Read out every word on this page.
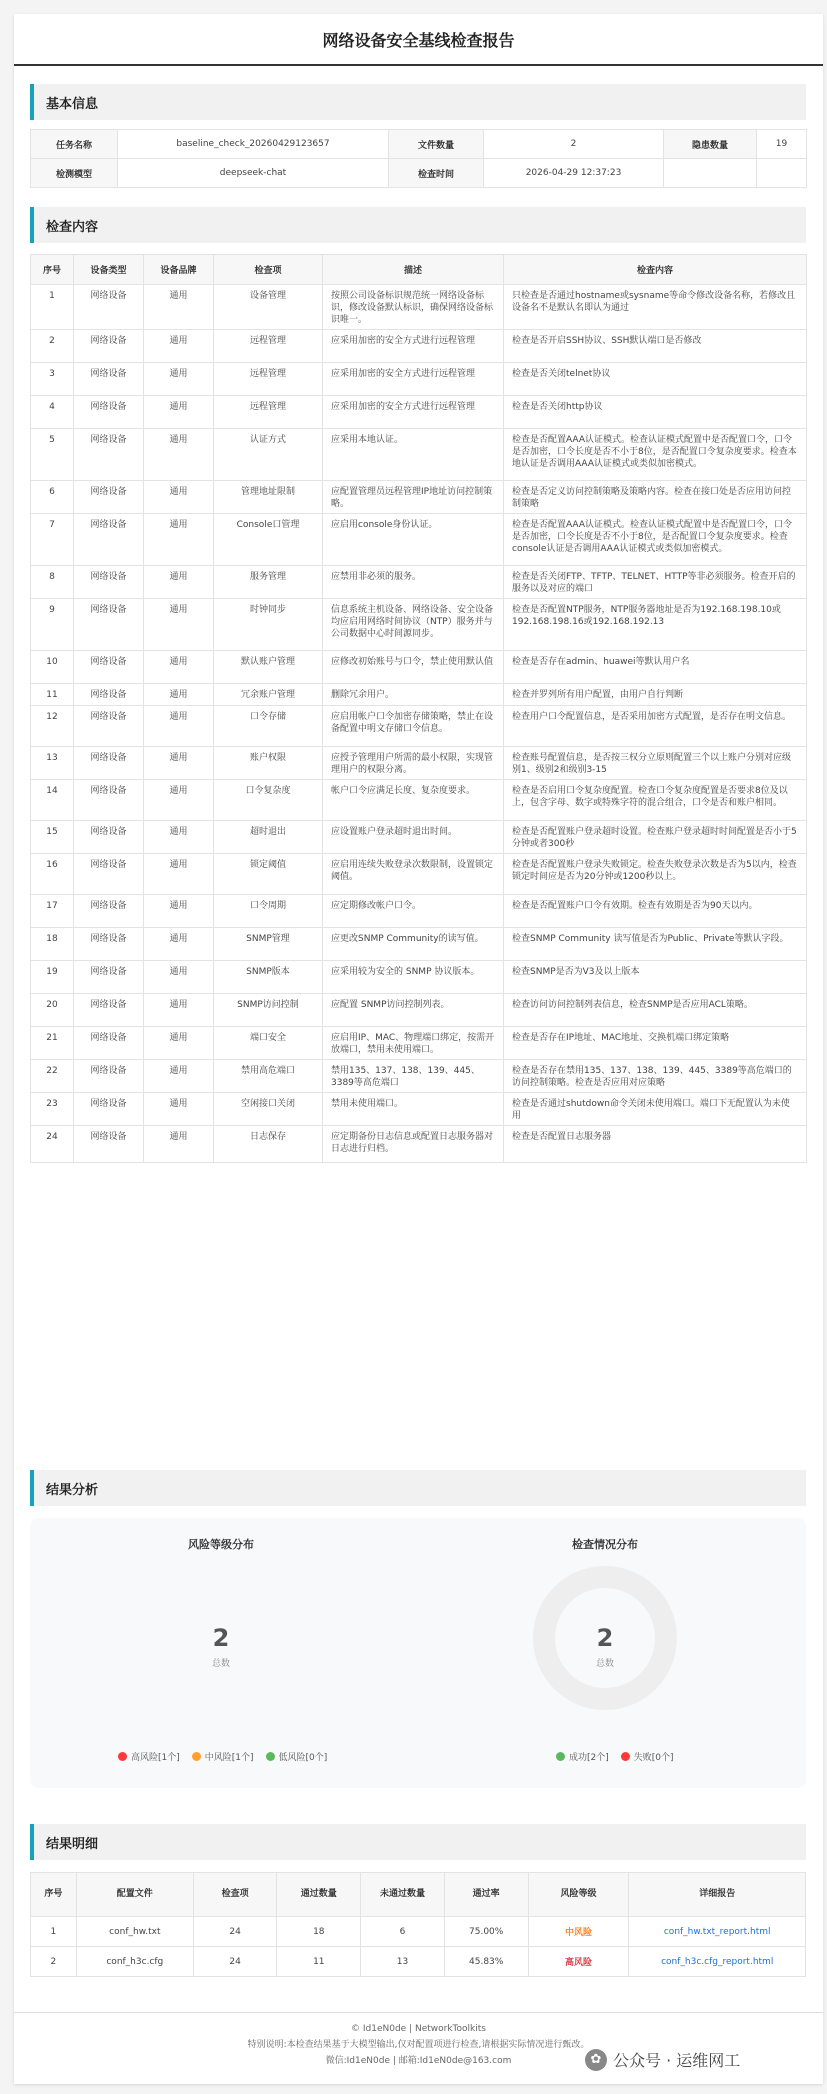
网络设备安全基线检查报告
基本信息
任务名称	baseline_check_20260429123657	文件数量	2	隐患数量	19
检测模型	deepseek-chat	检查时间	2026-04-29 12:37:23		
检查内容
序号	设备类型	设备品牌	检查项	描述	检查内容
1	网络设备	通用	设备管理	按照公司设备标识规范统一网络设备标识，修改设备默认标识，确保网络设备标识唯一。	只检查是否通过hostname或sysname等命令修改设备名称，若修改且设备名不是默认名即认为通过
2	网络设备	通用	远程管理	应采用加密的安全方式进行远程管理	检查是否开启SSH协议、SSH默认端口是否修改
3	网络设备	通用	远程管理	应采用加密的安全方式进行远程管理	检查是否关闭telnet协议
4	网络设备	通用	远程管理	应采用加密的安全方式进行远程管理	检查是否关闭http协议
5	网络设备	通用	认证方式	应采用本地认证。	检查是否配置AAA认证模式。检查认证模式配置中是否配置口令，口令是否加密，口令长度是否不小于8位，是否配置口令复杂度要求。检查本地认证是否调用AAA认证模式或类似加密模式。
6	网络设备	通用	管理地址限制	应配置管理员远程管理IP地址访问控制策略。	检查是否定义访问控制策略及策略内容。检查在接口处是否应用访问控制策略
7	网络设备	通用	Console口管理	应启用console身份认证。	检查是否配置AAA认证模式。检查认证模式配置中是否配置口令，口令是否加密，口令长度是否不小于8位，是否配置口令复杂度要求。检查console认证是否调用AAA认证模式或类似加密模式。
8	网络设备	通用	服务管理	应禁用非必须的服务。	检查是否关闭FTP、TFTP、TELNET、HTTP等非必须服务。检查开启的服务以及对应的端口
9	网络设备	通用	时钟同步	信息系统主机设备、网络设备、安全设备均应启用网络时间协议（NTP）服务并与公司数据中心时间源同步。	检查是否配置NTP服务，NTP服务器地址是否为192.168.198.10或192.168.198.16或192.168.192.13
10	网络设备	通用	默认账户管理	应修改初始账号与口令，禁止使用默认值	检查是否存在admin、huawei等默认用户名
11	网络设备	通用	冗余账户管理	删除冗余用户。	检查并罗列所有用户配置，由用户自行判断
12	网络设备	通用	口令存储	应启用帐户口令加密存储策略，禁止在设备配置中明文存储口令信息。	检查用户口令配置信息，是否采用加密方式配置，是否存在明文信息。
13	网络设备	通用	账户权限	应授予管理用户所需的最小权限，实现管理用户的权限分离。	检查账号配置信息，是否按三权分立原则配置三个以上账户分别对应级别1、级别2和级别3-15
14	网络设备	通用	口令复杂度	帐户口令应满足长度、复杂度要求。	检查是否启用口令复杂度配置。检查口令复杂度配置是否要求8位及以上，包含字母、数字或特殊字符的混合组合，口令是否和账户相同。
15	网络设备	通用	超时退出	应设置账户登录超时退出时间。	检查是否配置账户登录超时设置。检查账户登录超时时间配置是否小于5分钟或者300秒
16	网络设备	通用	锁定阈值	应启用连续失败登录次数限制，设置锁定阈值。	检查是否配置账户登录失败锁定。检查失败登录次数是否为5以内，检查锁定时间应是否为20分钟或1200秒以上。
17	网络设备	通用	口令周期	应定期修改帐户口令。	检查是否配置账户口令有效期。检查有效期是否为90天以内。
18	网络设备	通用	SNMP管理	应更改SNMP Community的读写值。	检查SNMP Community 读写值是否为Public、Private等默认字段。
19	网络设备	通用	SNMP版本	应采用较为安全的 SNMP 协议版本。	检查SNMP是否为V3及以上版本
20	网络设备	通用	SNMP访问控制	应配置 SNMP访问控制列表。	检查访问访问控制列表信息，检查SNMP是否应用ACL策略。
21	网络设备	通用	端口安全	应启用IP、MAC、物理端口绑定，按需开放端口，禁用未使用端口。	检查是否存在IP地址、MAC地址、交换机端口绑定策略
22	网络设备	通用	禁用高危端口	禁用135、137、138、139、445、3389等高危端口	检查是否存在禁用135、137、138、139、445、3389等高危端口的访问控制策略。检查是否应用对应策略
23	网络设备	通用	空闲接口关闭	禁用未使用端口。	检查是否通过shutdown命令关闭未使用端口。端口下无配置认为未使用
24	网络设备	通用	日志保存	应定期备份日志信息或配置日志服务器对日志进行归档。	检查是否配置日志服务器
结果分析
风险等级分布
2
总数
高风险[1个]	中风险[1个]	低风险[0个]
检查情况分布
2
总数
成功[2个]	失败[0个]
结果明细
序号	配置文件	检查项	通过数量	未通过数量	通过率	风险等级	详细报告
1	conf_hw.txt	24	18	6	75.00%	中风险	conf_hw.txt_report.html
2	conf_h3c.cfg	24	11	13	45.83%	高风险	conf_h3c.cfg_report.html
© Id1eN0de | NetworkToolkits
特别说明:本检查结果基于大模型输出,仅对配置项进行检查,请根据实际情况进行甄改。
微信:Id1eN0de | 邮箱:Id1eN0de@163.com	✿ 公众号 · 运维网工
